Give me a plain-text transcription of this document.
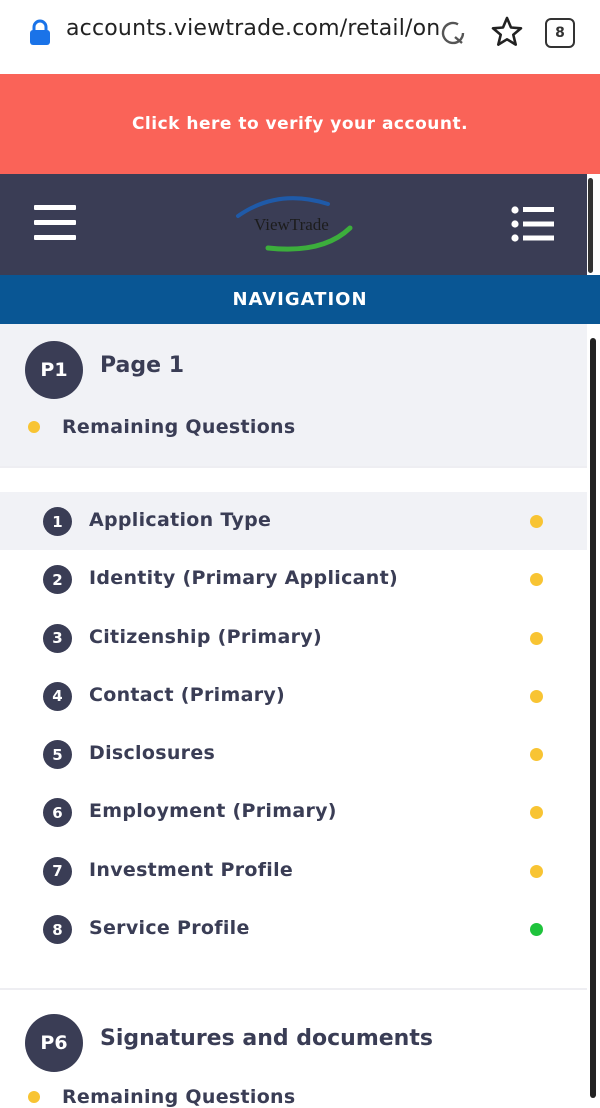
accounts.viewtrade.com/retail/on	8
Click here to verify your account.
ViewTrade
NAVIGATION
P1	Page 1
Remaining Questions
1	Application Type
2	Identity (Primary Applicant)
3	Citizenship (Primary)
4	Contact (Primary)
5	Disclosures
6	Employment (Primary)
7	Investment Profile
8	Service Profile
P6	Signatures and documents
Remaining Questions
